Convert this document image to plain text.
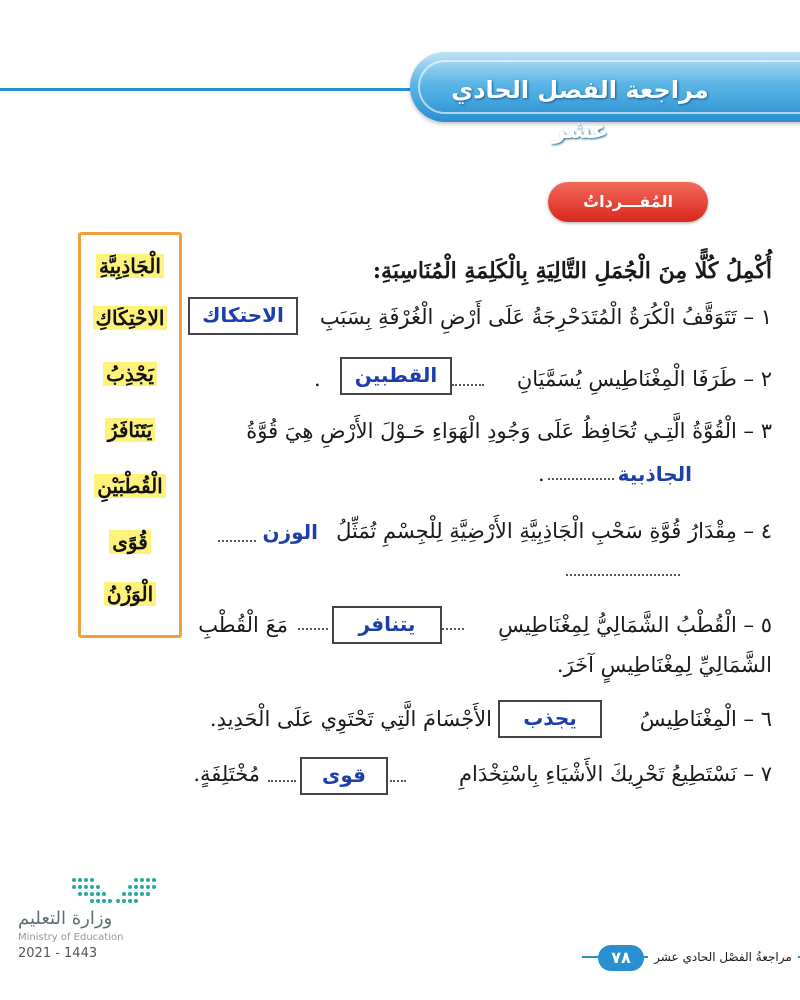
مراجعة الفصل الحادي عشر
المُفـــرداتُ
الْجَاذِبِيَّةِ
الاحْتِكَاكِ
يَجْذِبُ
يَتَنَافَرُ
الْقُطْبَيْنِ
قُوًى
الْوَزْنُ
أُكْمِلُ كُلًّا مِنَ الْجُمَلِ التَّالِيَةِ بِالْكَلِمَةِ الْمُنَاسِبَةِ:
١ – تَتَوَقَّفُ الْكُرَةُ الْمُتَدَحْرِجَةُ عَلَى أَرْضِ الْغُرْفَةِ بِسَبَبِ
الاحتكاك
٢ – طَرَفَا الْمِغْنَاطِيسِ يُسَمَّيَانِ
القطبين
.
٣ – الْقُوَّةُ الَّتِـي تُحَافِظُ عَلَى وَجُودِ الْهَوَاءِ حَـوْلَ الأَرْضِ هِيَ قُوَّةُ
الجاذبية
.
٤ – مِقْدَارُ قُوَّةِ سَحْبِ الْجَاذِبِيَّةِ الأَرْضِيَّةِ لِلْجِسْمِ تُمَثِّلُ
الوزن
٥ – الْقُطْبُ الشَّمَالِيُّ لِمِغْنَاطِيسِ
يتنافر
مَعَ الْقُطْبِ
الشَّمَالِيِّ لِمِغْنَاطِيسٍ آخَرَ.
٦ – الْمِغْنَاطِيسُ
يجذب
الأَجْسَامَ الَّتِي تَحْتَوِي عَلَى الْحَدِيدِ.
٧ – نَسْتَطِيعُ تَحْرِيكَ الأَشْيَاءِ بِاسْتِخْدَامِ
قوى
مُخْتَلِفَةٍ.
وزارة التعليم
Ministry of Education
2021 - 1443	مراجعةُ الفصْل الحادي عشر
٧٨
